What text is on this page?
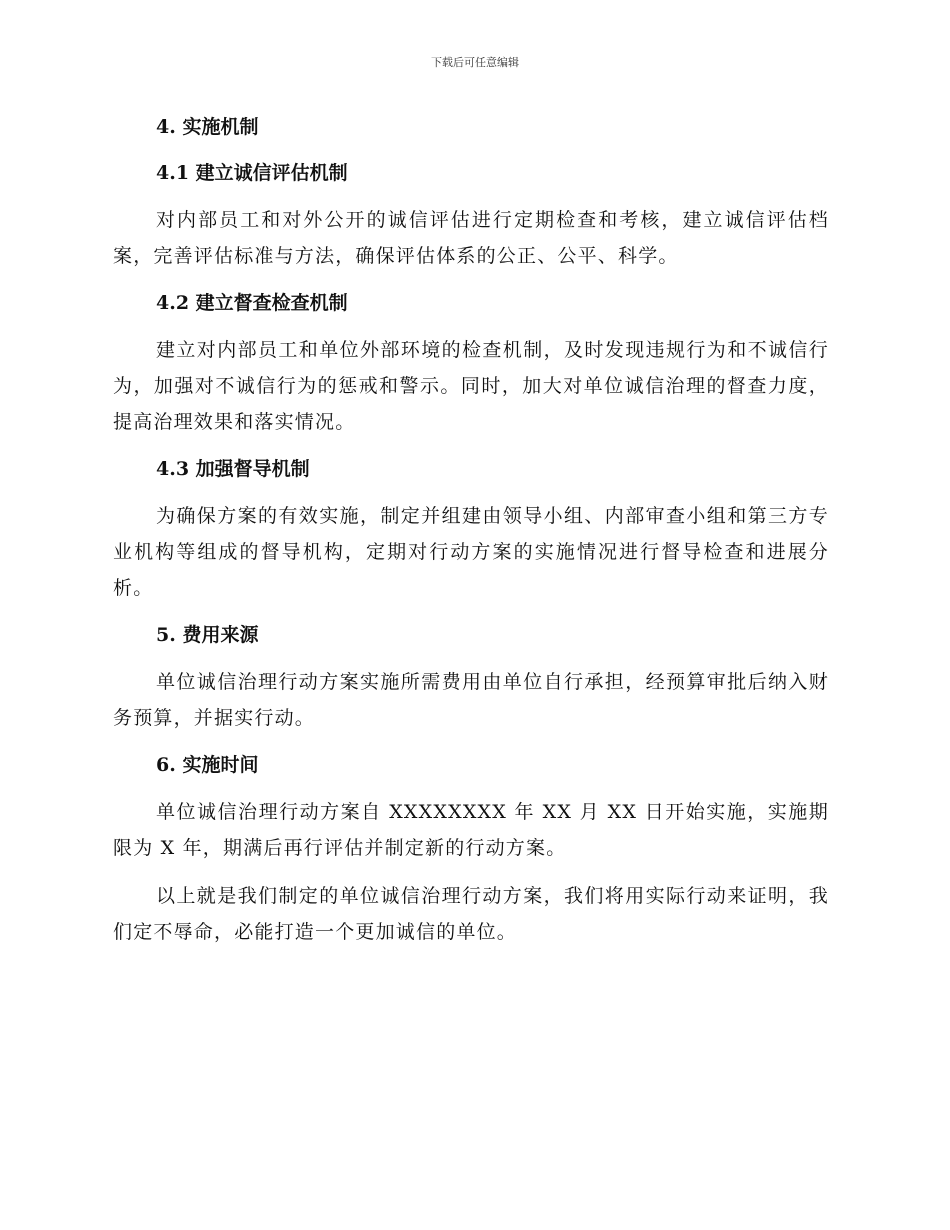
下载后可任意编辑
4. 实施机制
4.1 建立诚信评估机制

对内部员工和对外公开的诚信评估进行定期检查和考核，建立诚信评估档案，完善评估标准与方法，确保评估体系的公正、公平、科学。

4.2 建立督查检查机制

建立对内部员工和单位外部环境的检查机制，及时发现违规行为和不诚信行为，加强对不诚信行为的惩戒和警示。同时，加大对单位诚信治理的督查力度，提高治理效果和落实情况。

4.3 加强督导机制

为确保方案的有效实施，制定并组建由领导小组、内部审查小组和第三方专业机构等组成的督导机构，定期对行动方案的实施情况进行督导检查和进展分析。

5. 费用来源

单位诚信治理行动方案实施所需费用由单位自行承担，经预算审批后纳入财务预算，并据实行动。

6. 实施时间

单位诚信治理行动方案自 XXXXXXXX 年 XX 月 XX 日开始实施，实施期限为 X 年，期满后再行评估并制定新的行动方案。

以上就是我们制定的单位诚信治理行动方案，我们将用实际行动来证明，我们定不辱命，必能打造一个更加诚信的单位。
